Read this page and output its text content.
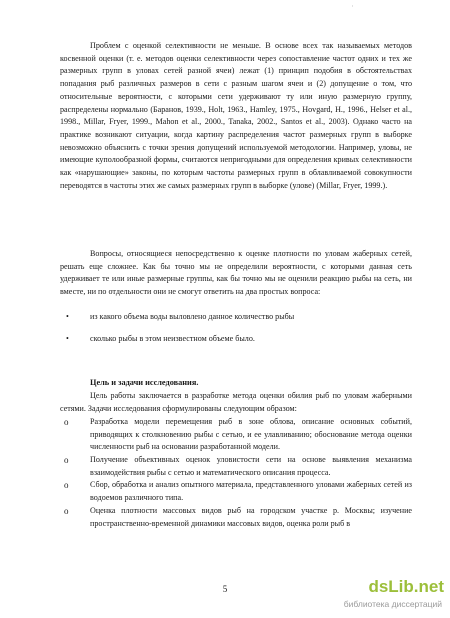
'

Проблем с оценкой селективности не меньше. В основе всех так называемых методов косвенной оценки (т. е. методов оценки селективности через сопоставление частот одних и тех же размерных групп в уловах сетей разной ячеи) лежат (1) принцип подобия в обстоятельствах попадания рыб различных размеров в сети с разным шагом ячеи и (2) допущение о том, что относительные вероятности, с которыми сети удерживают ту или иную размерную группу, распределены нормально (Баранов, 1939., Holt, 1963., Hamley, 1975., Hovgard, H., 1996., Helser et al., 1998., Millar, Fryer, 1999., Mahon et al., 2000., Tanaka, 2002., Santos et al., 2003). Однако часто на практике возникают ситуации, когда картину распределения частот размерных групп в выборке невозможно объяснить с точки зрения допущений используемой методологии. Например, уловы, не имеющие куполообразной формы, считаются непригодными для определения кривых селективности как «нарушающие» законы, по которым частоты размерных групп в облавливаемой совокупности переводятся в частоты этих же самых размерных групп в выборке (улове) (Millar, Fryer, 1999.).

Вопросы, относящиеся непосредственно к оценке плотности по уловам жаберных сетей, решать еще сложнее. Как бы точно мы не определили вероятности, с которыми данная сеть удерживает те или иные размерные группы, как бы точно мы не оценили реакцию рыбы на сеть, ни вместе, ни по отдельности они не смогут ответить на два простых вопроса:

•	из какого объема воды выловлено данное количество рыбы
•	сколько рыбы в этом неизвестном объеме было.

Цель и задачи исследования.

Цель работы заключается в разработке метода оценки обилия рыб по уловам жаберными сетями. Задачи исследования сформулированы следующим образом:

o	Разработка модели перемещения рыб в зоне облова, описание основных событий, приводящих к столкновению рыбы с сетью, и ее улавливанию; обоснование метода оценки численности рыб на основании разработанной модели.
o	Получение объективных оценок уловистости сети на основе выявления механизма взаимодействия рыбы с сетью и математического описания процесса.
o	Сбор, обработка и анализ опытного материала, представленного уловами жаберных сетей из водоемов различного типа.
o	Оценка плотности массовых видов рыб на городском участке р. Москвы; изучение пространственно-временной динамики массовых видов, оценка роли рыб в
5	dsLib.net
библиотека диссертаций
